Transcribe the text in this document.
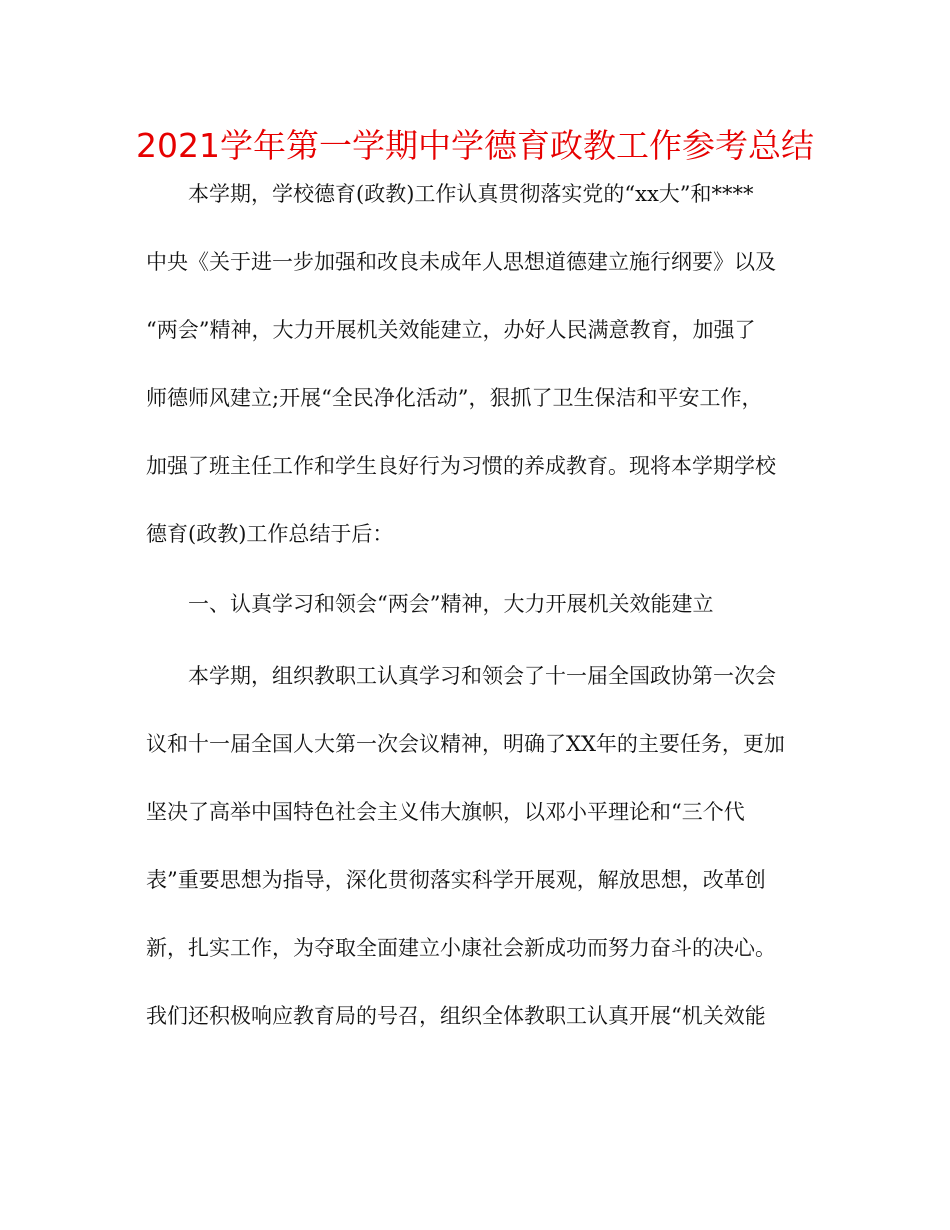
2021学年第一学期中学德育政教工作参考总结
本学期，学校德育(政教)工作认真贯彻落实党的“xx大”和****
中央《关于进一步加强和改良未成年人思想道德建立施行纲要》以及
“两会”精神，大力开展机关效能建立，办好人民满意教育，加强了
师德师风建立;开展“全民净化活动”，狠抓了卫生保洁和平安工作，
加强了班主任工作和学生良好行为习惯的养成教育。现将本学期学校
德育(政教)工作总结于后：
一、认真学习和领会“两会”精神，大力开展机关效能建立
本学期，组织教职工认真学习和领会了十一届全国政协第一次会
议和十一届全国人大第一次会议精神，明确了XX年的主要任务，更加
坚决了高举中国特色社会主义伟大旗帜，以邓小平理论和“三个代
表”重要思想为指导，深化贯彻落实科学开展观，解放思想，改革创
新，扎实工作，为夺取全面建立小康社会新成功而努力奋斗的决心。
我们还积极响应教育局的号召，组织全体教职工认真开展“机关效能
